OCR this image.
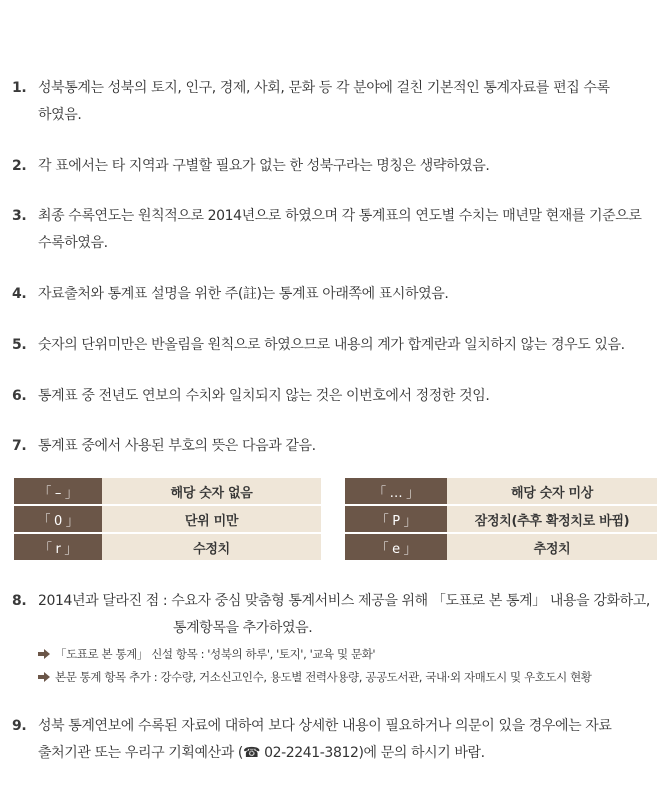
1. 성북통계는 성북의 토지, 인구, 경제, 사회, 문화 등 각 분야에 걸친 기본적인 통계자료를 편집 수록
하였음.
2. 각 표에서는 타 지역과 구별할 필요가 없는 한 성북구라는 명칭은 생략하였음.
3. 최종 수록연도는 원칙적으로 2014년으로 하였으며 각 통계표의 연도별 수치는 매년말 현재를 기준으로
수록하였음.
4. 자료출처와 통계표 설명을 위한 주(註)는 통계표 아래쪽에 표시하였음.
5. 숫자의 단위미만은 반올림을 원칙으로 하였으므로 내용의 계가 합계란과 일치하지 않는 경우도 있음.
6. 통계표 중 전년도 연보의 수치와 일치되지 않는 것은 이번호에서 정정한 것임.
7. 통계표 중에서 사용된 부호의 뜻은 다음과 같음.
「 – 」	해당 숫자 없음
「 0 」	단위 미만
「 r 」	수정치
「 … 」	해당 숫자 미상
「 P 」	잠정치(추후 확정치로 바뀜)
「 e 」	추정치
8. 2014년과 달라진 점 : 수요자 중심 맞춤형 통계서비스 제공을 위해 「도표로 본 통계」 내용을 강화하고,
통계항목을 추가하였음.
「도표로 본 통계」 신설 항목 : '성북의 하루', '토지', '교육 및 문화'
본문 통계 항목 추가 : 강수량, 거소신고인수, 용도별 전력사용량, 공공도서관, 국내·외 자매도시 및 우호도시 현황
9. 성북 통계연보에 수록된 자료에 대하여 보다 상세한 내용이 필요하거나 의문이 있을 경우에는 자료
출처기관 또는 우리구 기획예산과 (☎ 02-2241-3812)에 문의 하시기 바람.
